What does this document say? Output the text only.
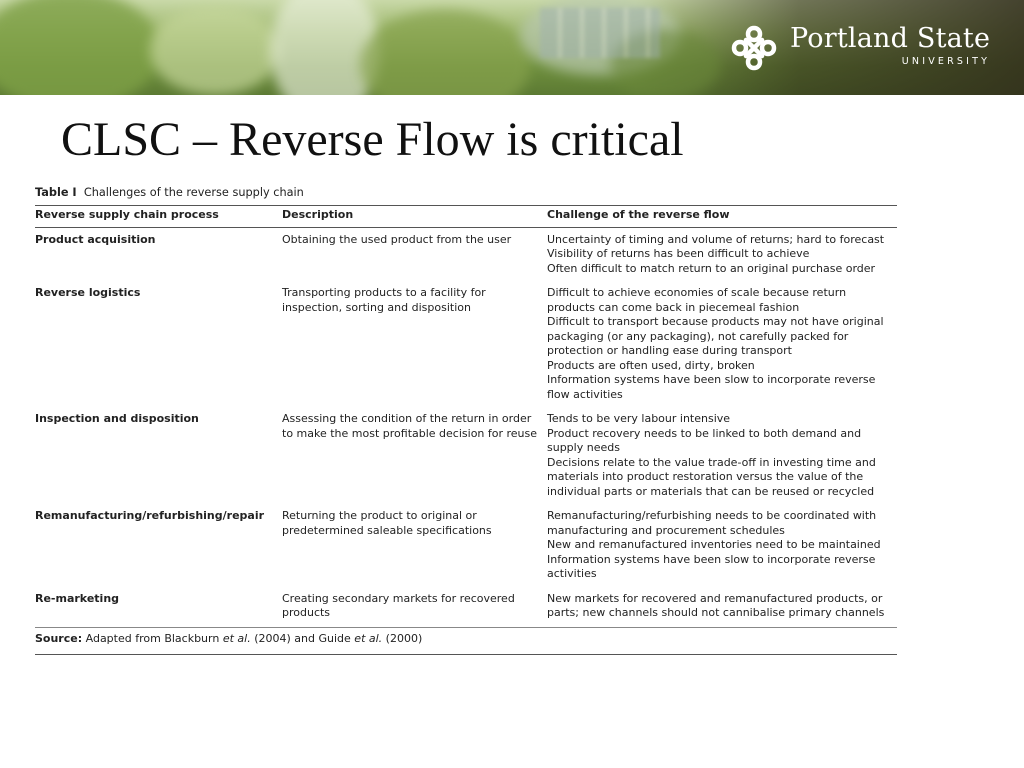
Portland State
UNIVERSITY
CLSC – Reverse Flow is critical
Table I Challenges of the reverse supply chain
Reverse supply chain process	Description	Challenge of the reverse flow
Product acquisition	Obtaining the used product from the user	Uncertainty of timing and volume of returns; hard to forecast
Visibility of returns has been difficult to achieve
Often difficult to match return to an original purchase order

Reverse logistics	Transporting products to a facility for inspection, sorting and disposition	Difficult to achieve economies of scale because return products can come back in piecemeal fashion
Difficult to transport because products may not have original packaging (or any packaging), not carefully packed for protection or handling ease during transport
Products are often used, dirty, broken
Information systems have been slow to incorporate reverse flow activities

Inspection and disposition	Assessing the condition of the return in order to make the most profitable decision for reuse	Tends to be very labour intensive
Product recovery needs to be linked to both demand and supply needs
Decisions relate to the value trade-off in investing time and materials into product restoration versus the value of the individual parts or materials that can be reused or recycled

Remanufacturing/refurbishing/repair	Returning the product to original or predetermined saleable specifications	Remanufacturing/refurbishing needs to be coordinated with manufacturing and procurement schedules
New and remanufactured inventories need to be maintained
Information systems have been slow to incorporate reverse activities

Re-marketing	Creating secondary markets for recovered products	New markets for recovered and remanufactured products, or parts; new channels should not cannibalise primary channels
Source: Adapted from Blackburn et al. (2004) and Guide et al. (2000)
